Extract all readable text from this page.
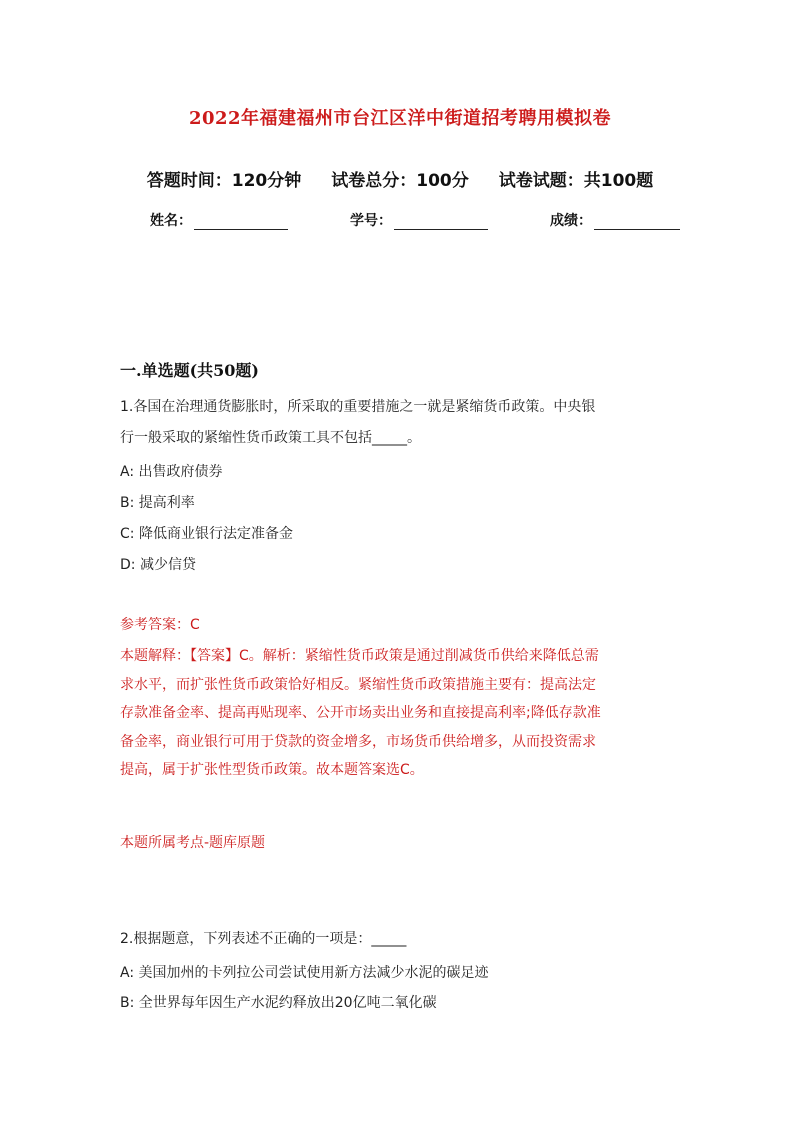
2022年福建福州市台江区洋中街道招考聘用模拟卷
答题时间：120分钟 试卷总分：100分 试卷试题：共100题
姓名：	学号：	成绩：
一.单选题(共50题)
1.各国在治理通货膨胀时，所采取的重要措施之一就是紧缩货币政策。中央银
行一般采取的紧缩性货币政策工具不包括_____。
A: 出售政府债券
B: 提高利率
C: 降低商业银行法定准备金
D: 减少信贷
参考答案：C
本题解释：【答案】C。解析：紧缩性货币政策是通过削减货币供给来降低总需
求水平，而扩张性货币政策恰好相反。紧缩性货币政策措施主要有：提高法定
存款准备金率、提高再贴现率、公开市场卖出业务和直接提高利率;降低存款准
备金率，商业银行可用于贷款的资金增多，市场货币供给增多，从而投资需求
提高，属于扩张性型货币政策。故本题答案选C。
本题所属考点-题库原题
2.根据题意，下列表述不正确的一项是：_____
A: 美国加州的卡列拉公司尝试使用新方法减少水泥的碳足迹
B: 全世界每年因生产水泥约释放出20亿吨二氧化碳
